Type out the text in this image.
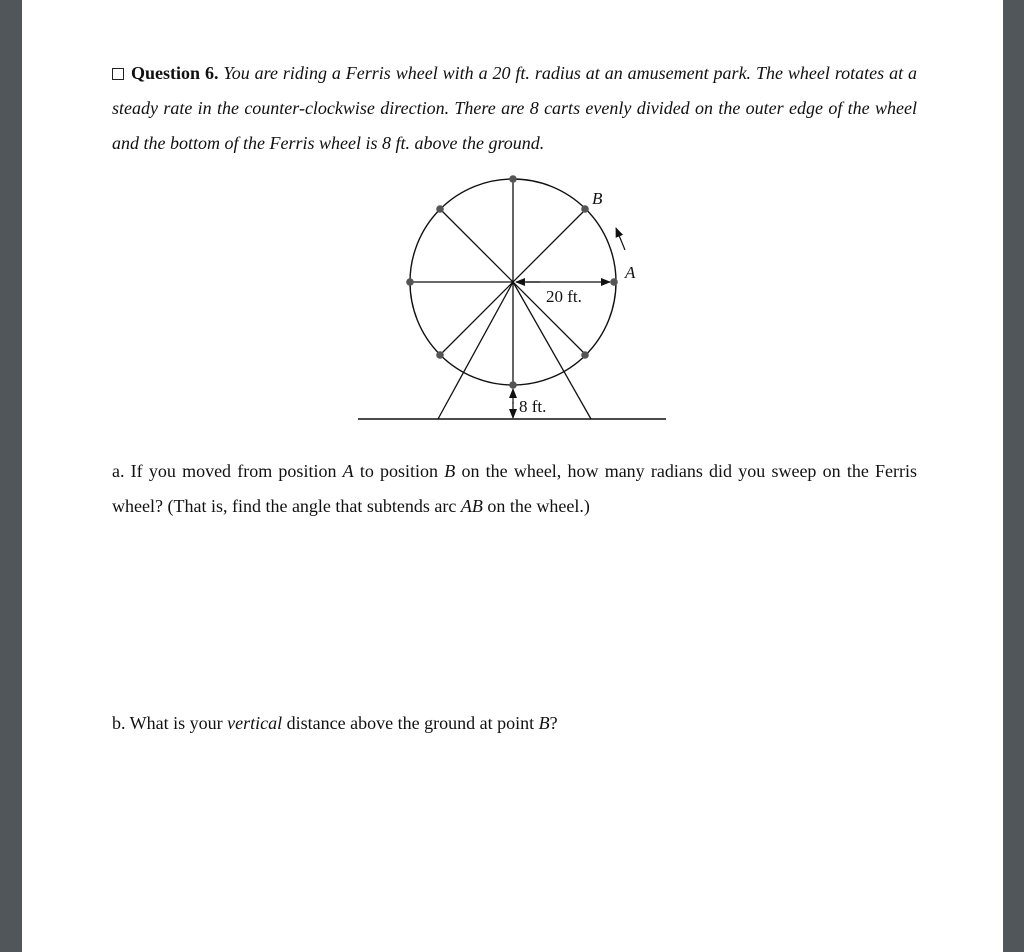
Question 6. You are riding a Ferris wheel with a 20 ft. radius at an amusement park. The wheel rotates at a steady rate in the counter-clockwise direction. There are 8 carts evenly divided on the outer edge of the wheel and the bottom of the Ferris wheel is 8 ft. above the ground.
B
A
20 ft.
8 ft.
a. If you moved from position A to position B on the wheel, how many radians did you sweep on the Ferris wheel? (That is, find the angle that subtends arc AB on the wheel.)
b. What is your vertical distance above the ground at point B?
